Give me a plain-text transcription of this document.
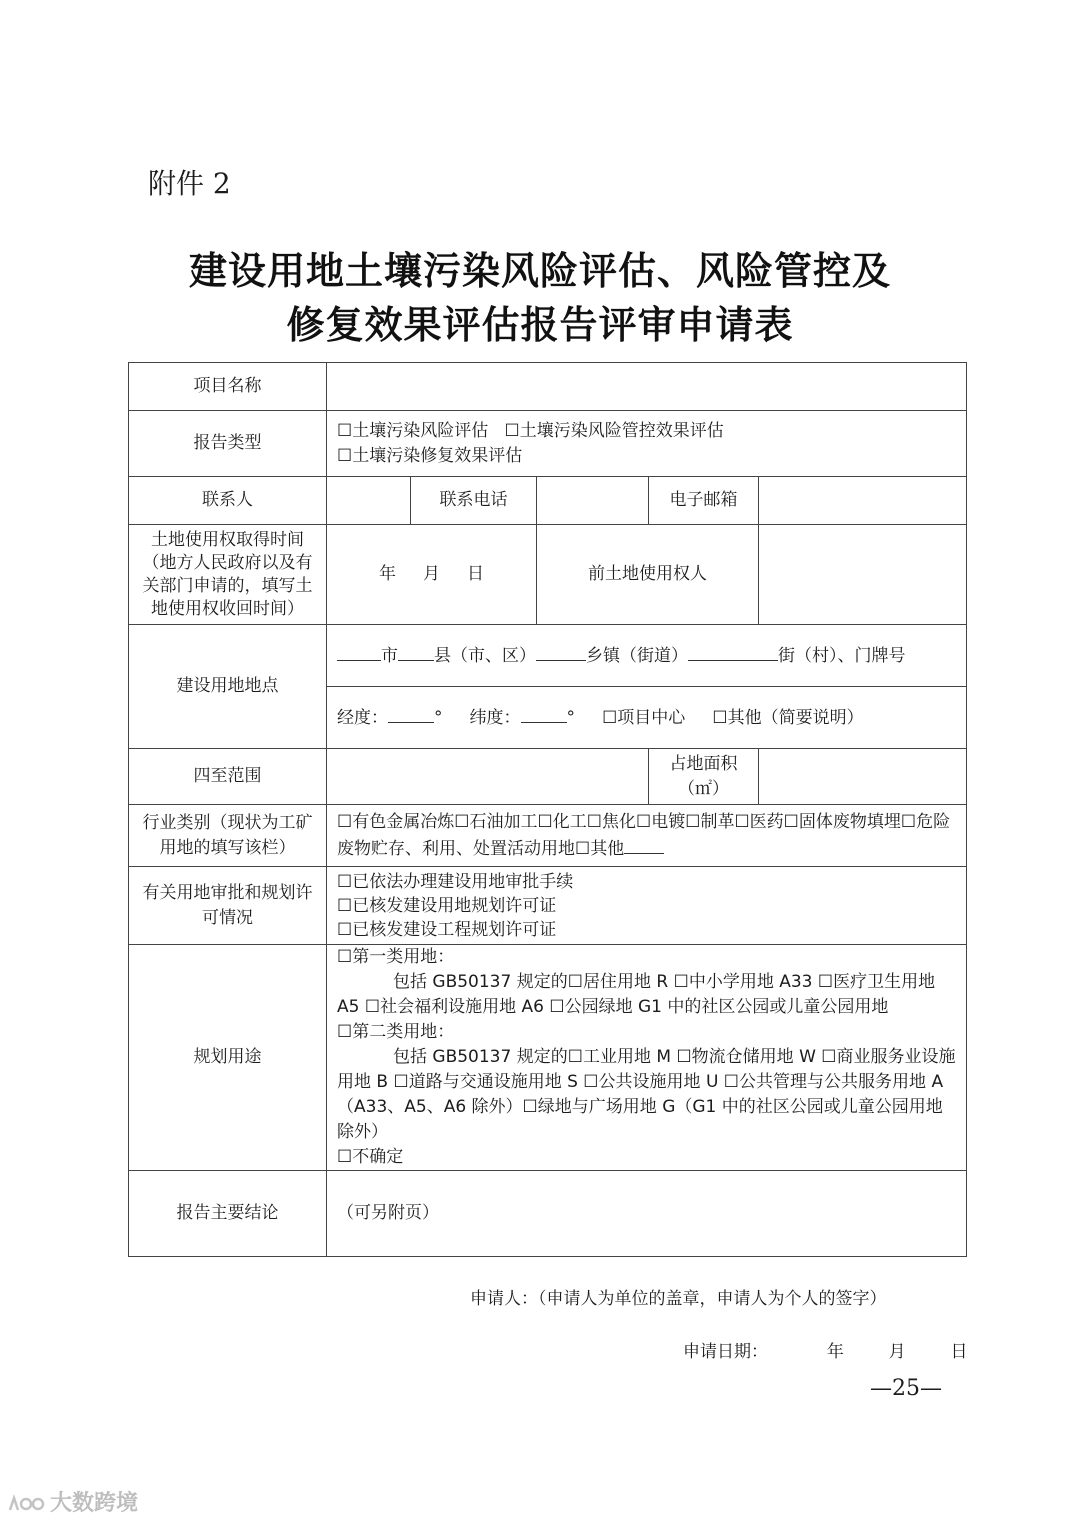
附件 2
建设用地土壤污染风险评估、风险管控及
修复效果评估报告评审申请表
项目名称					
报告类型	☐土壤污染风险评估 ☐土壤污染风险管控效果评估
☐土壤污染修复效果评估				

联系人		联系电话		电子邮箱	
土地使用权取得时间（地方人民政府以及有关部门申请的，填写土地使用权收回时间）	年 月 日		前土地使用权人		
建设用地地点	市 县（市、区） 乡镇（街道） 街（村）、门牌号				
	经度： ° 纬度： ° ☐项目中心 ☐其他（简要说明）				
四至范围				占地面积（㎡）	
行业类别（现状为工矿用地的填写该栏）	☐有色金属冶炼☐石油加工☐化工☐焦化☐电镀☐制革☐医药☐固体废物填埋☐危险废物贮存、利用、处置活动用地☐其他				
有关用地审批和规划许可情况	☐已依法办理建设用地审批手续
☐已核发建设用地规划许可证
☐已核发建设工程规划许可证				

规划用途	☐第一类用地：
包括 GB50137 规定的☐居住用地 R ☐中小学用地 A33 ☐医疗卫生用地 A5 ☐社会福利设施用地 A6 ☐公园绿地 G1 中的社区公园或儿童公园用地
☐第二类用地：
包括 GB50137 规定的☐工业用地 M ☐物流仓储用地 W ☐商业服务业设施用地 B ☐道路与交通设施用地 S ☐公共设施用地 U ☐公共管理与公共服务用地 A（A33、A5、A6 除外）☐绿地与广场用地 G（G1 中的社区公园或儿童公园用地除外）
☐不确定				

报告主要结论	（可另附页）				
申请人：（申请人为单位的盖章，申请人为个人的签字）
申请日期：	年	月	日
—25—
大数跨境
